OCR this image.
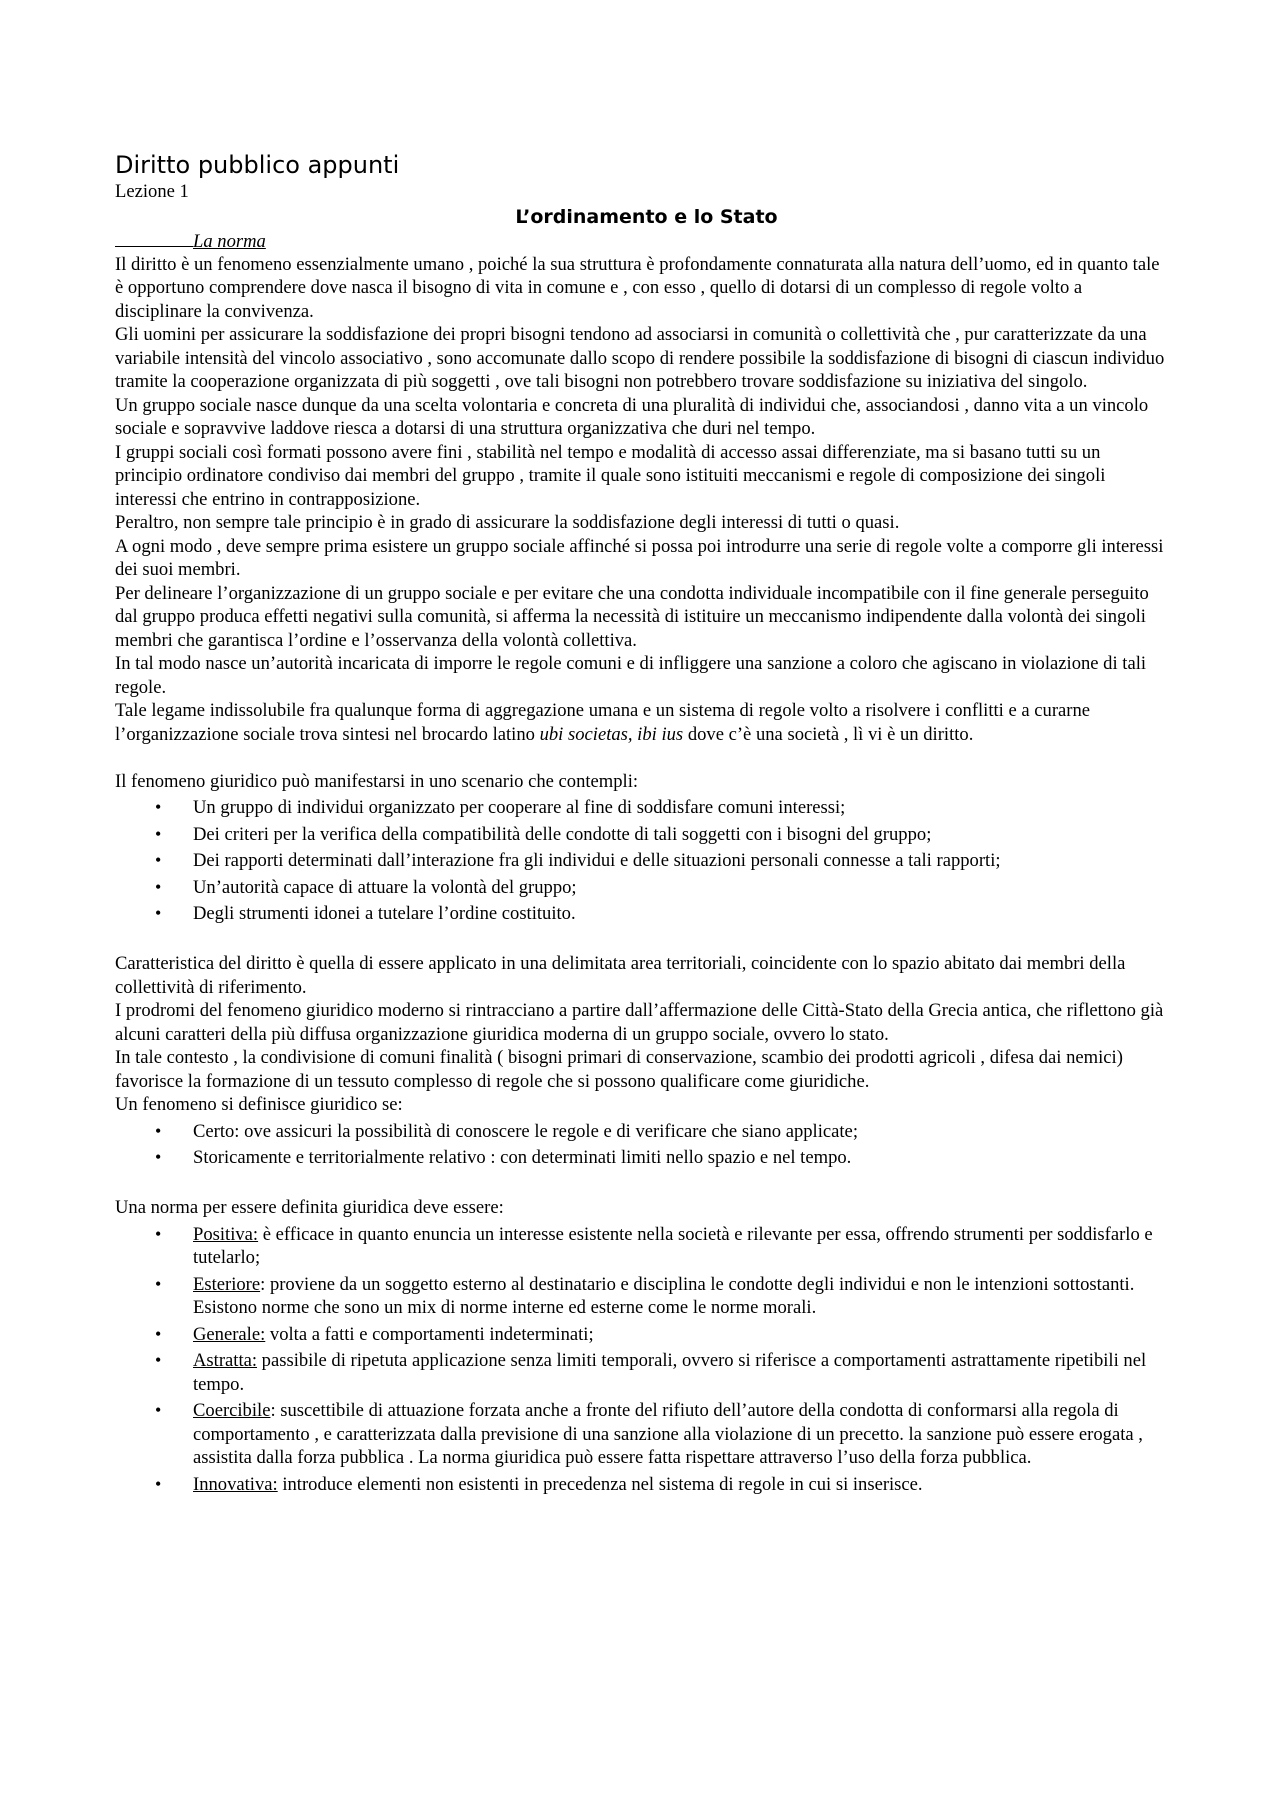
Diritto pubblico appunti

Lezione 1

L’ordinamento e lo Stato

La norma

Il diritto è un fenomeno essenzialmente umano , poiché la sua struttura è profondamente connaturata alla natura dell’uomo, ed in quanto tale è opportuno comprendere dove nasca il bisogno di vita in comune e , con esso , quello di dotarsi di un complesso di regole volto a disciplinare la convivenza.

Gli uomini per assicurare la soddisfazione dei propri bisogni tendono ad associarsi in comunità o collettività che , pur caratterizzate da una variabile intensità del vincolo associativo , sono accomunate dallo scopo di rendere possibile la soddisfazione di bisogni di ciascun individuo tramite la cooperazione organizzata di più soggetti , ove tali bisogni non potrebbero trovare soddisfazione su iniziativa del singolo.

Un gruppo sociale nasce dunque da una scelta volontaria e concreta di una pluralità di individui che, associandosi , danno vita a un vincolo sociale e sopravvive laddove riesca a dotarsi di una struttura organizzativa che duri nel tempo.

I gruppi sociali così formati possono avere fini , stabilità nel tempo e modalità di accesso assai differenziate, ma si basano tutti su un principio ordinatore condiviso dai membri del gruppo , tramite il quale sono istituiti meccanismi e regole di composizione dei singoli interessi che entrino in contrapposizione.

Peraltro, non sempre tale principio è in grado di assicurare la soddisfazione degli interessi di tutti o quasi.

A ogni modo , deve sempre prima esistere un gruppo sociale affinché si possa poi introdurre una serie di regole volte a comporre gli interessi dei suoi membri.

Per delineare l’organizzazione di un gruppo sociale e per evitare che una condotta individuale incompatibile con il fine generale perseguito dal gruppo produca effetti negativi sulla comunità, si afferma la necessità di istituire un meccanismo indipendente dalla volontà dei singoli membri che garantisca l’ordine e l’osservanza della volontà collettiva.

In tal modo nasce un’autorità incaricata di imporre le regole comuni e di infliggere una sanzione a coloro che agiscano in violazione di tali regole.

Tale legame indissolubile fra qualunque forma di aggregazione umana e un sistema di regole volto a risolvere i conflitti e a curarne l’organizzazione sociale trova sintesi nel brocardo latino ubi societas, ibi ius dove c’è una società , lì vi è un diritto.

Il fenomeno giuridico può manifestarsi in uno scenario che contempli:

• Un gruppo di individui organizzato per cooperare al fine di soddisfare comuni interessi;
• Dei criteri per la verifica della compatibilità delle condotte di tali soggetti con i bisogni del gruppo;
• Dei rapporti determinati dall’interazione fra gli individui e delle situazioni personali connesse a tali rapporti;
• Un’autorità capace di attuare la volontà del gruppo;
• Degli strumenti idonei a tutelare l’ordine costituito.

Caratteristica del diritto è quella di essere applicato in una delimitata area territoriali, coincidente con lo spazio abitato dai membri della collettività di riferimento.

I prodromi del fenomeno giuridico moderno si rintracciano a partire dall’affermazione delle Città-Stato della Grecia antica, che riflettono già alcuni caratteri della più diffusa organizzazione giuridica moderna di un gruppo sociale, ovvero lo stato.

In tale contesto , la condivisione di comuni finalità ( bisogni primari di conservazione, scambio dei prodotti agricoli , difesa dai nemici) favorisce la formazione di un tessuto complesso di regole che si possono qualificare come giuridiche.

Un fenomeno si definisce giuridico se:

• Certo: ove assicuri la possibilità di conoscere le regole e di verificare che siano applicate;
• Storicamente e territorialmente relativo : con determinati limiti nello spazio e nel tempo.

Una norma per essere definita giuridica deve essere:

• Positiva: è efficace in quanto enuncia un interesse esistente nella società e rilevante per essa, offrendo strumenti per soddisfarlo e tutelarlo;
• Esteriore: proviene da un soggetto esterno al destinatario e disciplina le condotte degli individui e non le intenzioni sottostanti. Esistono norme che sono un mix di norme interne ed esterne come le norme morali.
• Generale: volta a fatti e comportamenti indeterminati;
• Astratta: passibile di ripetuta applicazione senza limiti temporali, ovvero si riferisce a comportamenti astrattamente ripetibili nel tempo.
• Coercibile: suscettibile di attuazione forzata anche a fronte del rifiuto dell’autore della condotta di conformarsi alla regola di comportamento , e caratterizzata dalla previsione di una sanzione alla violazione di un precetto. la sanzione può essere erogata , assistita dalla forza pubblica . La norma giuridica può essere fatta rispettare attraverso l’uso della forza pubblica.
• Innovativa: introduce elementi non esistenti in precedenza nel sistema di regole in cui si inserisce.
